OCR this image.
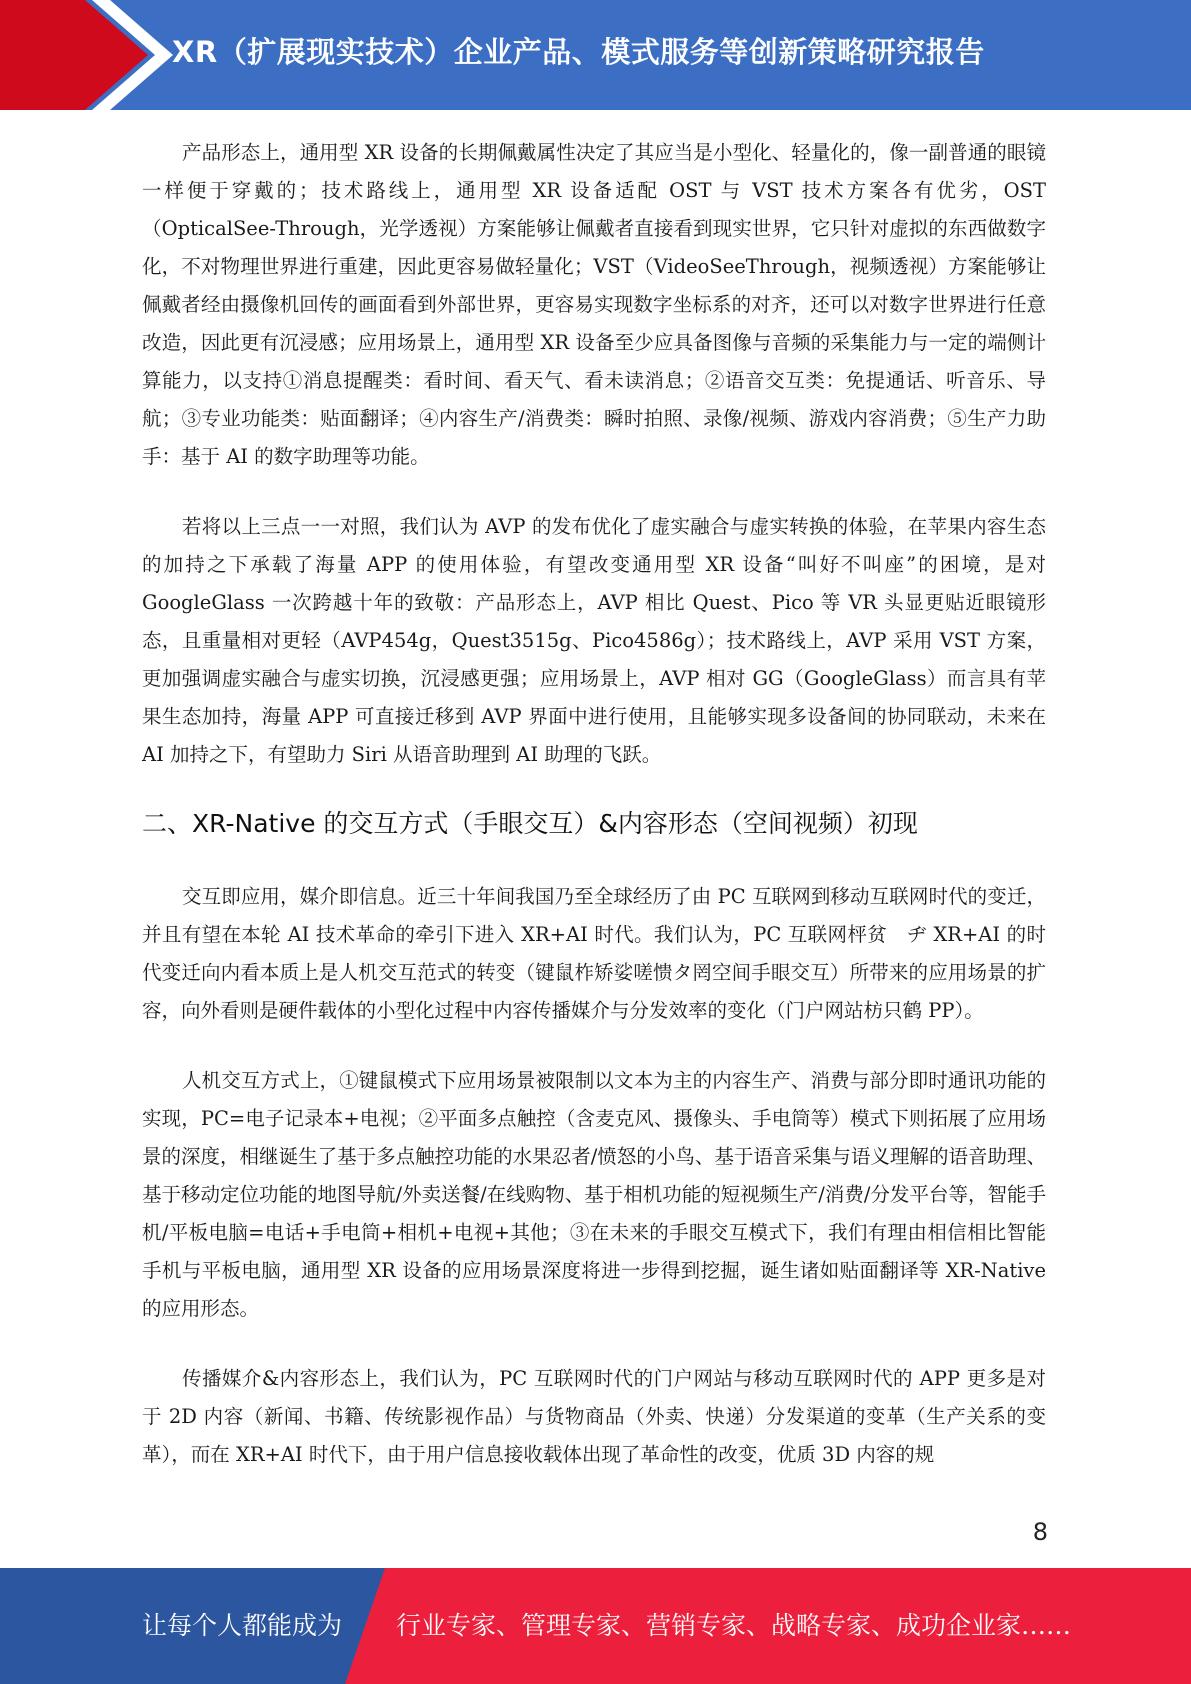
XR（扩展现实技术）企业产品、模式服务等创新策略研究报告

产品形态上，通用型 XR 设备的长期佩戴属性决定了其应当是小型化、轻量化的，像一副普通的眼镜一样便于穿戴的；技术路线上，通用型 XR 设备适配 OST 与 VST 技术方案各有优劣，OST（OpticalSee-Through，光学透视）方案能够让佩戴者直接看到现实世界，它只针对虚拟的东西做数字化，不对物理世界进行重建，因此更容易做轻量化；VST（VideoSeeThrough，视频透视）方案能够让佩戴者经由摄像机回传的画面看到外部世界，更容易实现数字坐标系的对齐，还可以对数字世界进行任意改造，因此更有沉浸感；应用场景上，通用型 XR 设备至少应具备图像与音频的采集能力与一定的端侧计算能力，以支持①消息提醒类：看时间、看天气、看未读消息；②语音交互类：免提通话、听音乐、导航；③专业功能类：贴面翻译；④内容生产/消费类：瞬时拍照、录像/视频、游戏内容消费；⑤生产力助手：基于 AI 的数字助理等功能。

若将以上三点一一对照，我们认为 AVP 的发布优化了虚实融合与虚实转换的体验，在苹果内容生态的加持之下承载了海量 APP 的使用体验，有望改变通用型 XR 设备“叫好不叫座”的困境，是对 GoogleGlass 一次跨越十年的致敬：产品形态上，AVP 相比 Quest、Pico 等 VR 头显更贴近眼镜形态，且重量相对更轻（AVP454g，Quest3515g、Pico4586g）；技术路线上，AVP 采用 VST 方案，更加强调虚实融合与虚实切换，沉浸感更强；应用场景上，AVP 相对 GG（GoogleGlass）而言具有苹果生态加持，海量 APP 可直接迁移到 AVP 界面中进行使用，且能够实现多设备间的协同联动，未来在 AI 加持之下，有望助力 Siri 从语音助理到 AI 助理的飞跃。

二、XR-Native 的交互方式（手眼交互）&内容形态（空间视频）初现

交互即应用，媒介即信息。近三十年间我国乃至全球经历了由 PC 互联网到移动互联网时代的变迁，并且有望在本轮 AI 技术革命的牵引下进入 XR+AI 时代。我们认为，PC 互联网枰贫　ヂ XR+AI 的时代变迁向内看本质上是人机交互范式的转变（键鼠柞矫娑嗟愦タ罔空间手眼交互）所带来的应用场景的扩容，向外看则是硬件载体的小型化过程中内容传播媒介与分发效率的变化（门户网站枋只鹤 PP）。

人机交互方式上，①键鼠模式下应用场景被限制以文本为主的内容生产、消费与部分即时通讯功能的实现，PC=电子记录本+电视；②平面多点触控（含麦克风、摄像头、手电筒等）模式下则拓展了应用场景的深度，相继诞生了基于多点触控功能的水果忍者/愤怒的小鸟、基于语音采集与语义理解的语音助理、基于移动定位功能的地图导航/外卖送餐/在线购物、基于相机功能的短视频生产/消费/分发平台等，智能手机/平板电脑=电话+手电筒+相机+电视+其他；③在未来的手眼交互模式下，我们有理由相信相比智能手机与平板电脑，通用型 XR 设备的应用场景深度将进一步得到挖掘，诞生诸如贴面翻译等 XR-Native 的应用形态。

传播媒介&内容形态上，我们认为，PC 互联网时代的门户网站与移动互联网时代的 APP 更多是对于 2D 内容（新闻、书籍、传统影视作品）与货物商品（外卖、快递）分发渠道的变革（生产关系的变革），而在 XR+AI 时代下，由于用户信息接收载体出现了革命性的改变，优质 3D 内容的规

8
让每个人都能成为 行业专家、管理专家、营销专家、战略专家、成功企业家……
